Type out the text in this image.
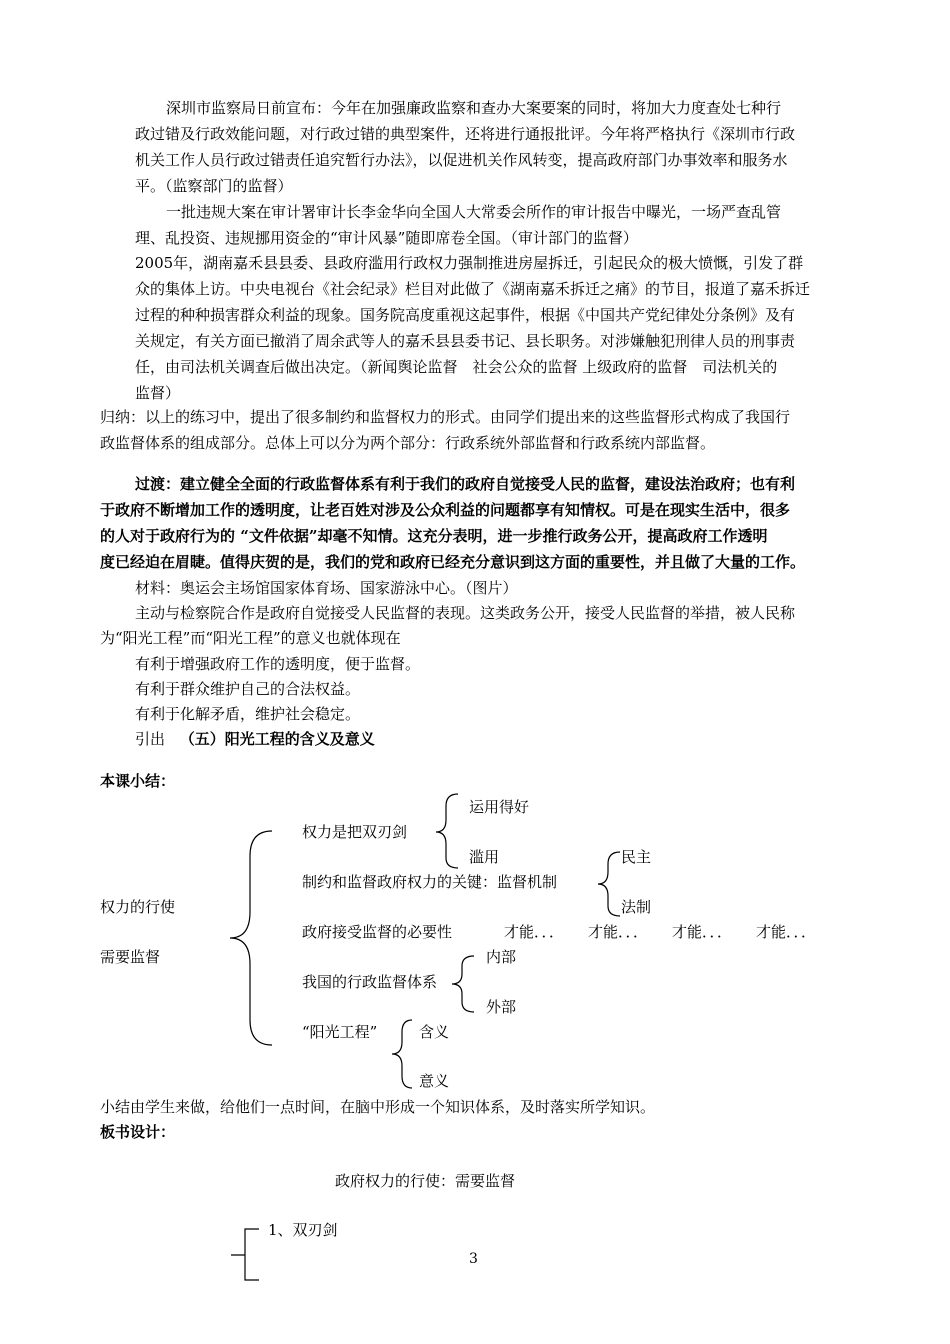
深圳市监察局日前宣布：今年在加强廉政监察和查办大案要案的同时，将加大力度查处七种行
政过错及行政效能问题，对行政过错的典型案件，还将进行通报批评。今年将严格执行《深圳市行政
机关工作人员行政过错责任追究暂行办法》，以促进机关作风转变，提高政府部门办事效率和服务水
平。（监察部门的监督）
一批违规大案在审计署审计长李金华向全国人大常委会所作的审计报告中曝光，一场严查乱管
理、乱投资、违规挪用资金的“审计风暴”随即席卷全国。（审计部门的监督）
2005年，湖南嘉禾县县委、县政府滥用行政权力强制推进房屋拆迁，引起民众的极大愤慨，引发了群
众的集体上访。中央电视台《社会纪录》栏目对此做了《湖南嘉禾拆迁之痛》的节目，报道了嘉禾拆迁
过程的种种损害群众利益的现象。国务院高度重视这起事件，根据《中国共产党纪律处分条例》及有
关规定，有关方面已撤消了周余武等人的嘉禾县县委书记、县长职务。对涉嫌触犯刑律人员的刑事责
任，由司法机关调查后做出决定。（新闻舆论监督　社会公众的监督 上级政府的监督　司法机关的
监督）
归纳：以上的练习中，提出了很多制约和监督权力的形式。由同学们提出来的这些监督形式构成了我国行
政监督体系的组成部分。总体上可以分为两个部分：行政系统外部监督和行政系统内部监督。
过渡：建立健全全面的行政监督体系有利于我们的政府自觉接受人民的监督，建设法治政府；也有利
于政府不断增加工作的透明度，让老百姓对涉及公众利益的问题都享有知情权。可是在现实生活中，很多
的人对于政府行为的 “文件依据”却毫不知情。这充分表明，进一步推行政务公开，提高政府工作透明
度已经迫在眉睫。值得庆贺的是，我们的党和政府已经充分意识到这方面的重要性，并且做了大量的工作。
材料：奥运会主场馆国家体育场、国家游泳中心。（图片）
主动与检察院合作是政府自觉接受人民监督的表现。这类政务公开，接受人民监督的举措，被人民称
为“阳光工程”而“阳光工程”的意义也就体现在
有利于增强政府工作的透明度，便于监督。
有利于群众维护自己的合法权益。
有利于化解矛盾，维护社会稳定。
引出 （五）阳光工程的含义及意义
本课小结：
运用得好
权力是把双刃剑
民主
滥用
制约和监督政府权力的关键：监督机制
权力的行使	法制
政府接受监督的必要性	才能．．． 才能．．． 才能．．． 才能．．．
需要监督	内部
我国的行政监督体系
外部
“阳光工程”	含义
意义
小结由学生来做，给他们一点时间，在脑中形成一个知识体系，及时落实所学知识。
板书设计：
政府权力的行使：需要监督
1、双刃剑
3
